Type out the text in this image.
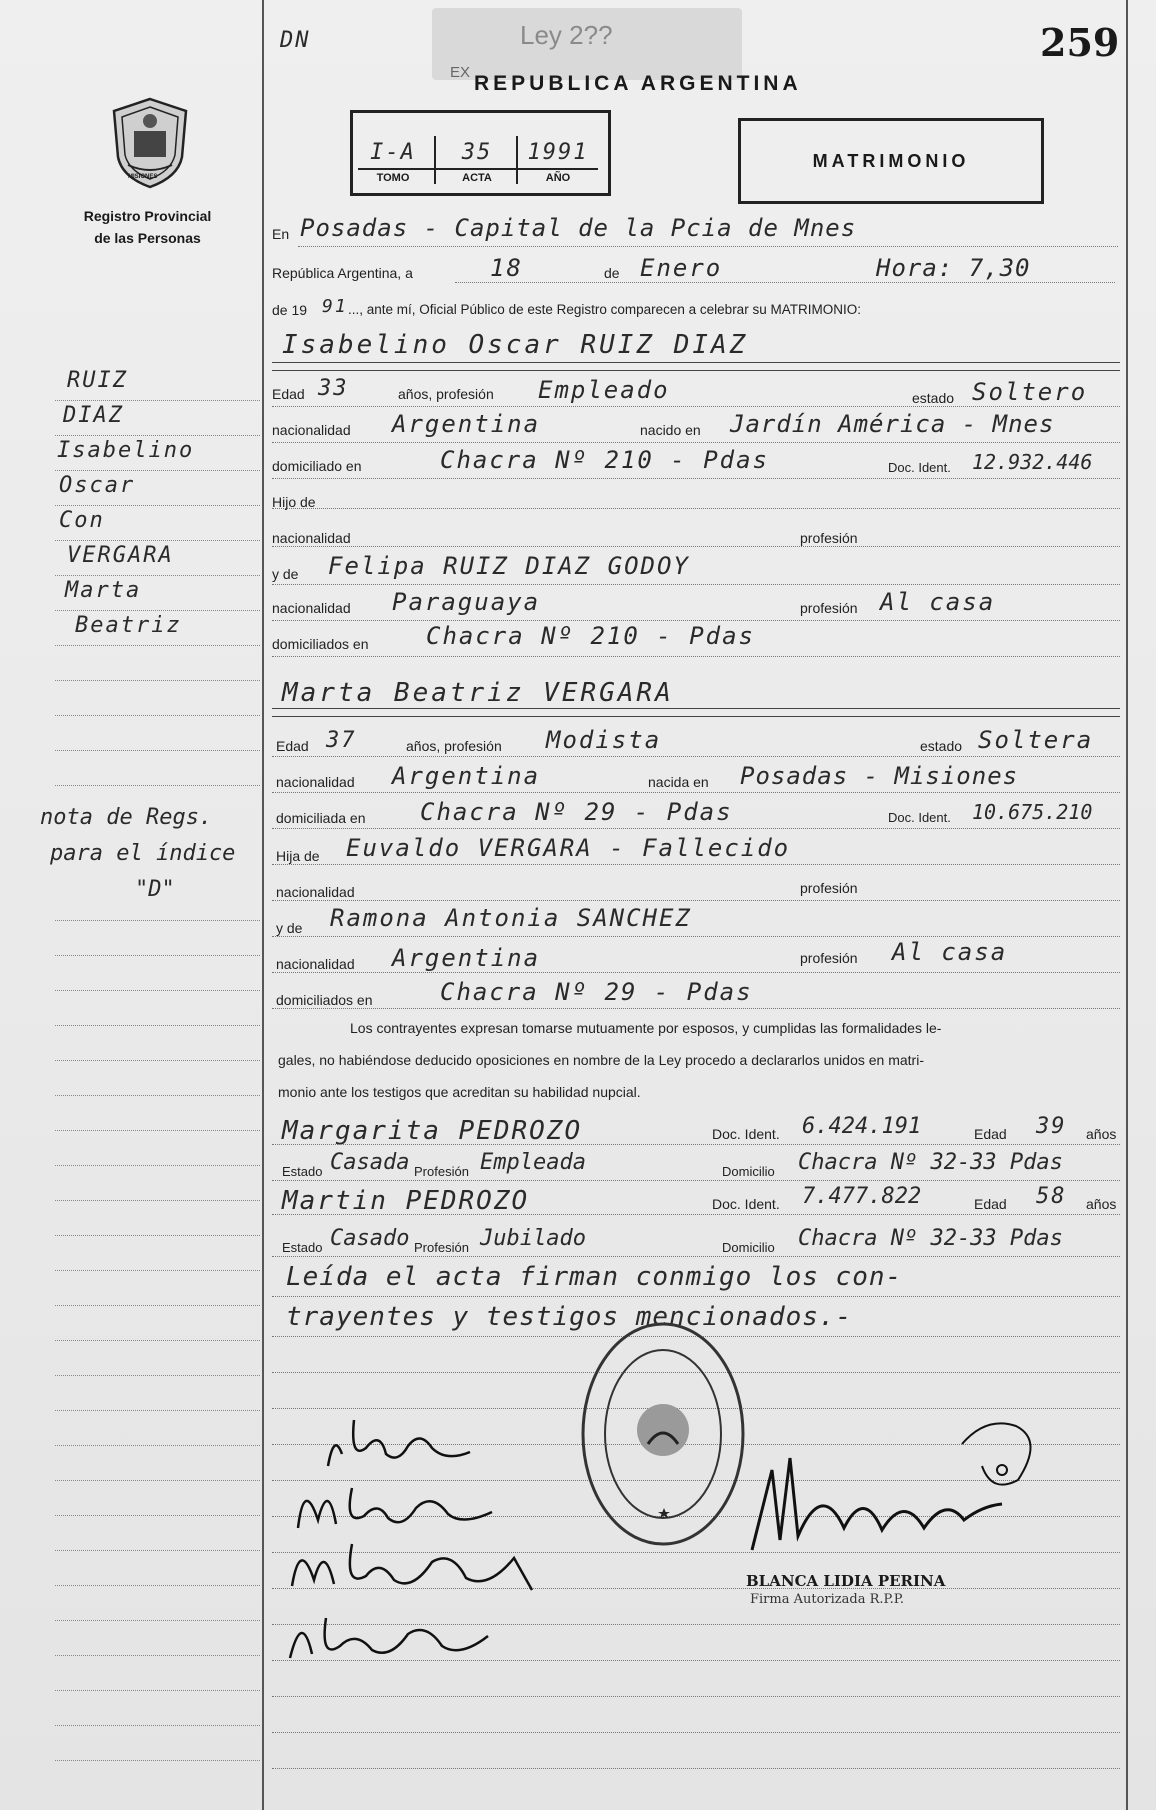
DN	Ley 2??
EX REPUBLICA ARGENTINA
259
MISIONES
Registro Provincial
de las Personas
I-A	35	1991
TOMO	ACTA	AÑO
MATRIMONIO
RUIZ
DIAZ
Isabelino
Oscar
Con
VERGARA
Marta
Beatriz
nota de Regs.
para el índice
"D"
En Posadas - Capital de la Pcia de Mnes
República Argentina, a	18	de Enero	Hora: 7,30
de 19 91 ..., ante mí, Oficial Público de este Registro comparecen a celebrar su MATRIMONIO:
Isabelino Oscar RUIZ DIAZ
Edad 33	años, profesión Empleado	estado Soltero
nacionalidad Argentina	nacido en Jardín América - Mnes
domiciliado en	Chacra Nº 210 - Pdas	Doc. Ident. 12.932.446
Hijo de
nacionalidad	profesión
y de Felipa RUIZ DIAZ GODOY
nacionalidad Paraguaya	profesión Al casa
domiciliados en Chacra Nº 210 - Pdas
Marta Beatriz VERGARA
Edad 37	años, profesión Modista	estado Soltera
nacionalidad Argentina	nacida en Posadas - Misiones
domiciliada en Chacra Nº 29 - Pdas	Doc. Ident. 10.675.210
Hija de Euvaldo VERGARA - Fallecido
nacionalidad	profesión
y de Ramona Antonia SANCHEZ
nacionalidad Argentina	profesión Al casa
domiciliados en	Chacra Nº 29 - Pdas
Los contrayentes expresan tomarse mutuamente por esposos, y cumplidas las formalidades le-
gales, no habiéndose deducido oposiciones en nombre de la Ley procedo a declararlos unidos en matri-
monio ante los testigos que acreditan su habilidad nupcial.
Margarita PEDROZO	Doc. Ident. 6.424.191	Edad 39 años
Estado Casada Profesión Empleada	Domicilio Chacra Nº 32-33 Pdas
Martin PEDROZO	Doc. Ident. 7.477.822	Edad 58 años
Estado Casado Profesión Jubilado	Domicilio Chacra Nº 32-33 Pdas
Leída el acta firman conmigo los con-
trayentes y testigos mencionados.-
BLANCA LIDIA PERINA
Firma Autorizada R.P.P.
